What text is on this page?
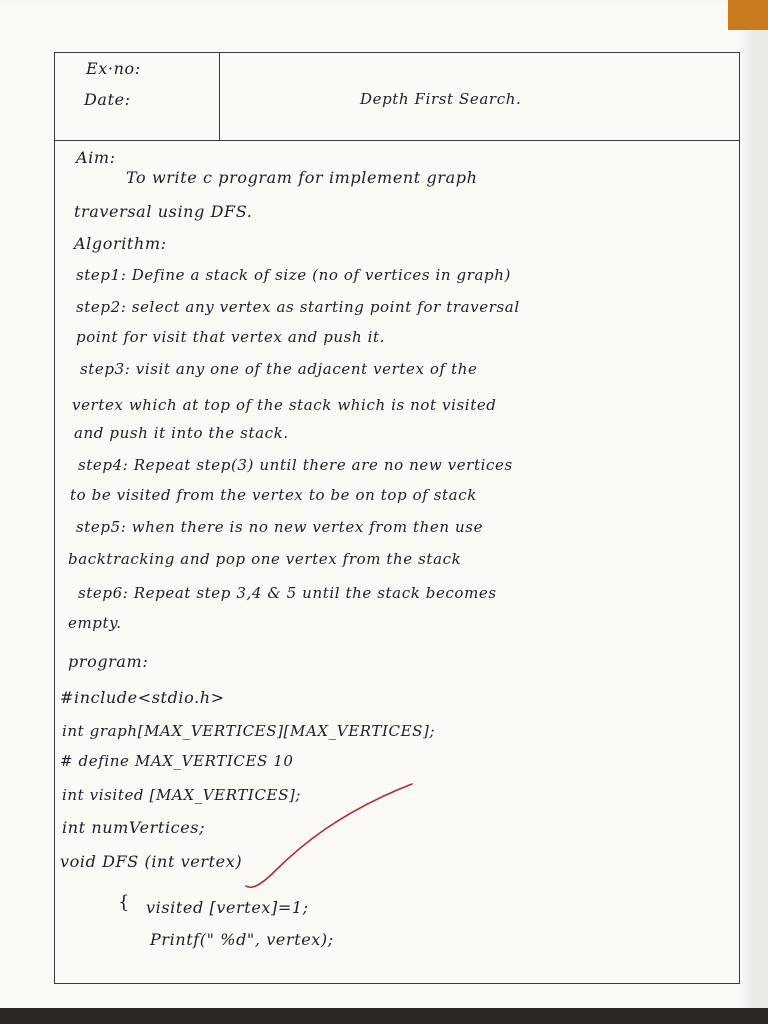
Ex·no:
Date:	Depth First Search.
Aim:
To write c program for implement graph
traversal using DFS.
Algorithm:
step1: Define a stack of size (no of vertices in graph)
step2: select any vertex as starting point for traversal
point for visit that vertex and push it.
step3: visit any one of the adjacent vertex of the
vertex which at top of the stack which is not visited
and push it into the stack.
step4: Repeat step(3) until there are no new vertices
to be visited from the vertex to be on top of stack
step5: when there is no new vertex from then use
backtracking and pop one vertex from the stack
step6: Repeat step 3,4 & 5 until the stack becomes
empty.
program:
#include<stdio.h>
int graph[MAX_VERTICES][MAX_VERTICES];
# define MAX_VERTICES 10
int visited [MAX_VERTICES];
int numVertices;
void DFS (int vertex)
{ visited [vertex]=1;
Printf(" %d", vertex);
